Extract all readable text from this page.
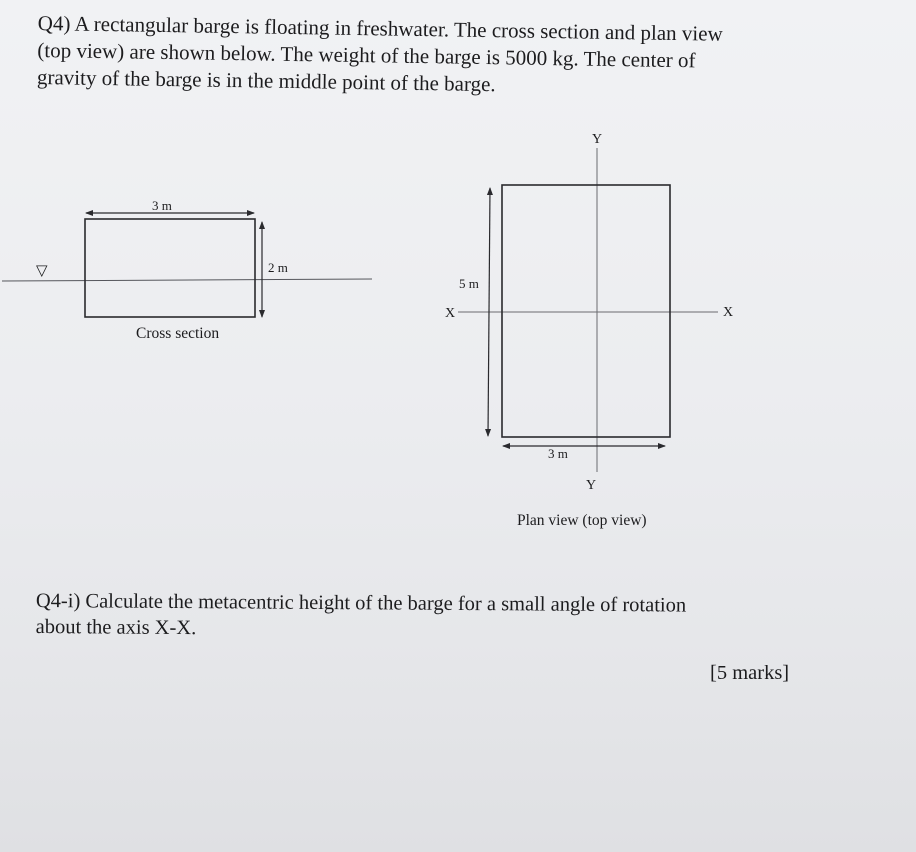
Q4) A rectangular barge is floating in freshwater. The cross section and plan view

(top view) are shown below. The weight of the barge is 5000 kg. The center of

gravity of the barge is in the middle point of the barge.

▽
3 m
2 m
Cross section
Y
Y
X	X
5 m
3 m
Plan view (top view)

Q4-i) Calculate the metacentric height of the barge for a small angle of rotation

about the axis X-X.

[5 marks]
